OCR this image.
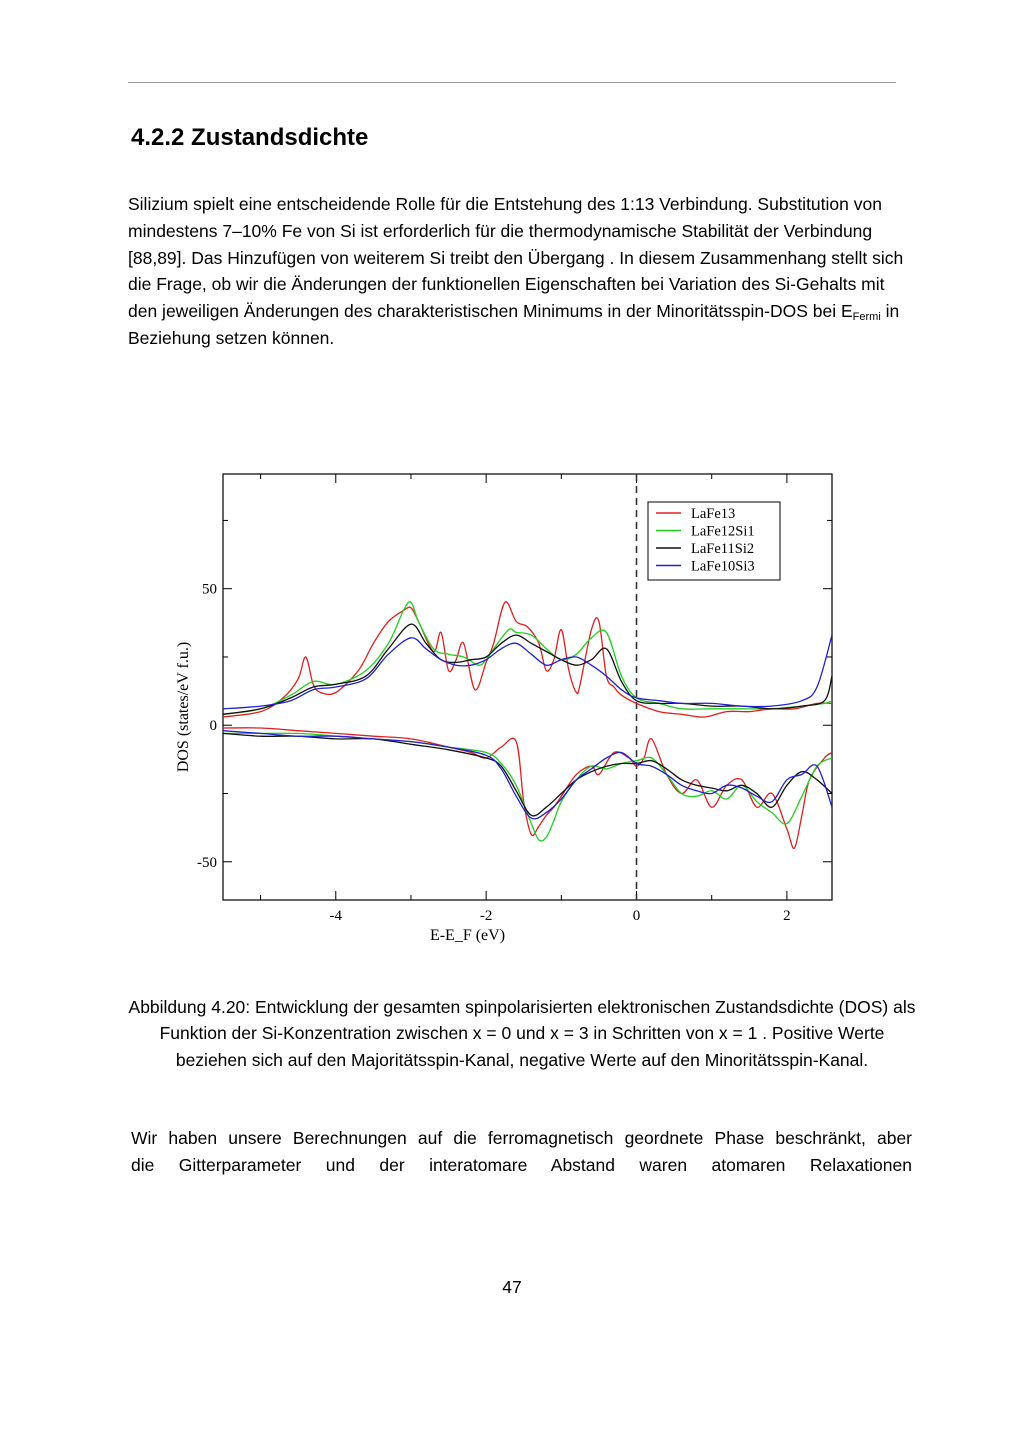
4.2.2 Zustandsdichte

Silizium spielt eine entscheidende Rolle für die Entstehung des 1:13 Verbindung. Substitution von mindestens 7–10% Fe von Si ist erforderlich für die thermodynamische Stabilität der Verbindung [88,89]. Das Hinzufügen von weiterem Si treibt den Übergang . In diesem Zusammenhang stellt sich die Frage, ob wir die Änderungen der funktionellen Eigenschaften bei Variation des Si-Gehalts mit den jeweiligen Änderungen des charakteristischen Minimums in der Minoritätsspin-DOS bei $E_{Fermi}$ in Beziehung setzen können.

-4	-2	0	2
-50
0
50
LaFe13
LaFe12Si1
LaFe11Si2
LaFe10Si3
E-E_F (eV)
DOS (states/eV f.u.)

Abbildung 4.20: Entwicklung der gesamten spinpolarisierten elektronischen Zustandsdichte (DOS) als Funktion der Si-Konzentration zwischen x = 0 und x = 3 in Schritten von x = 1 . Positive Werte beziehen sich auf den Majoritätsspin-Kanal, negative Werte auf den Minoritätsspin-Kanal.

Wir haben unsere Berechnungen auf die ferromagnetisch geordnete Phase beschränkt, aber
die Gitterparameter und der interatomare Abstand waren atomaren Relaxationen

47
